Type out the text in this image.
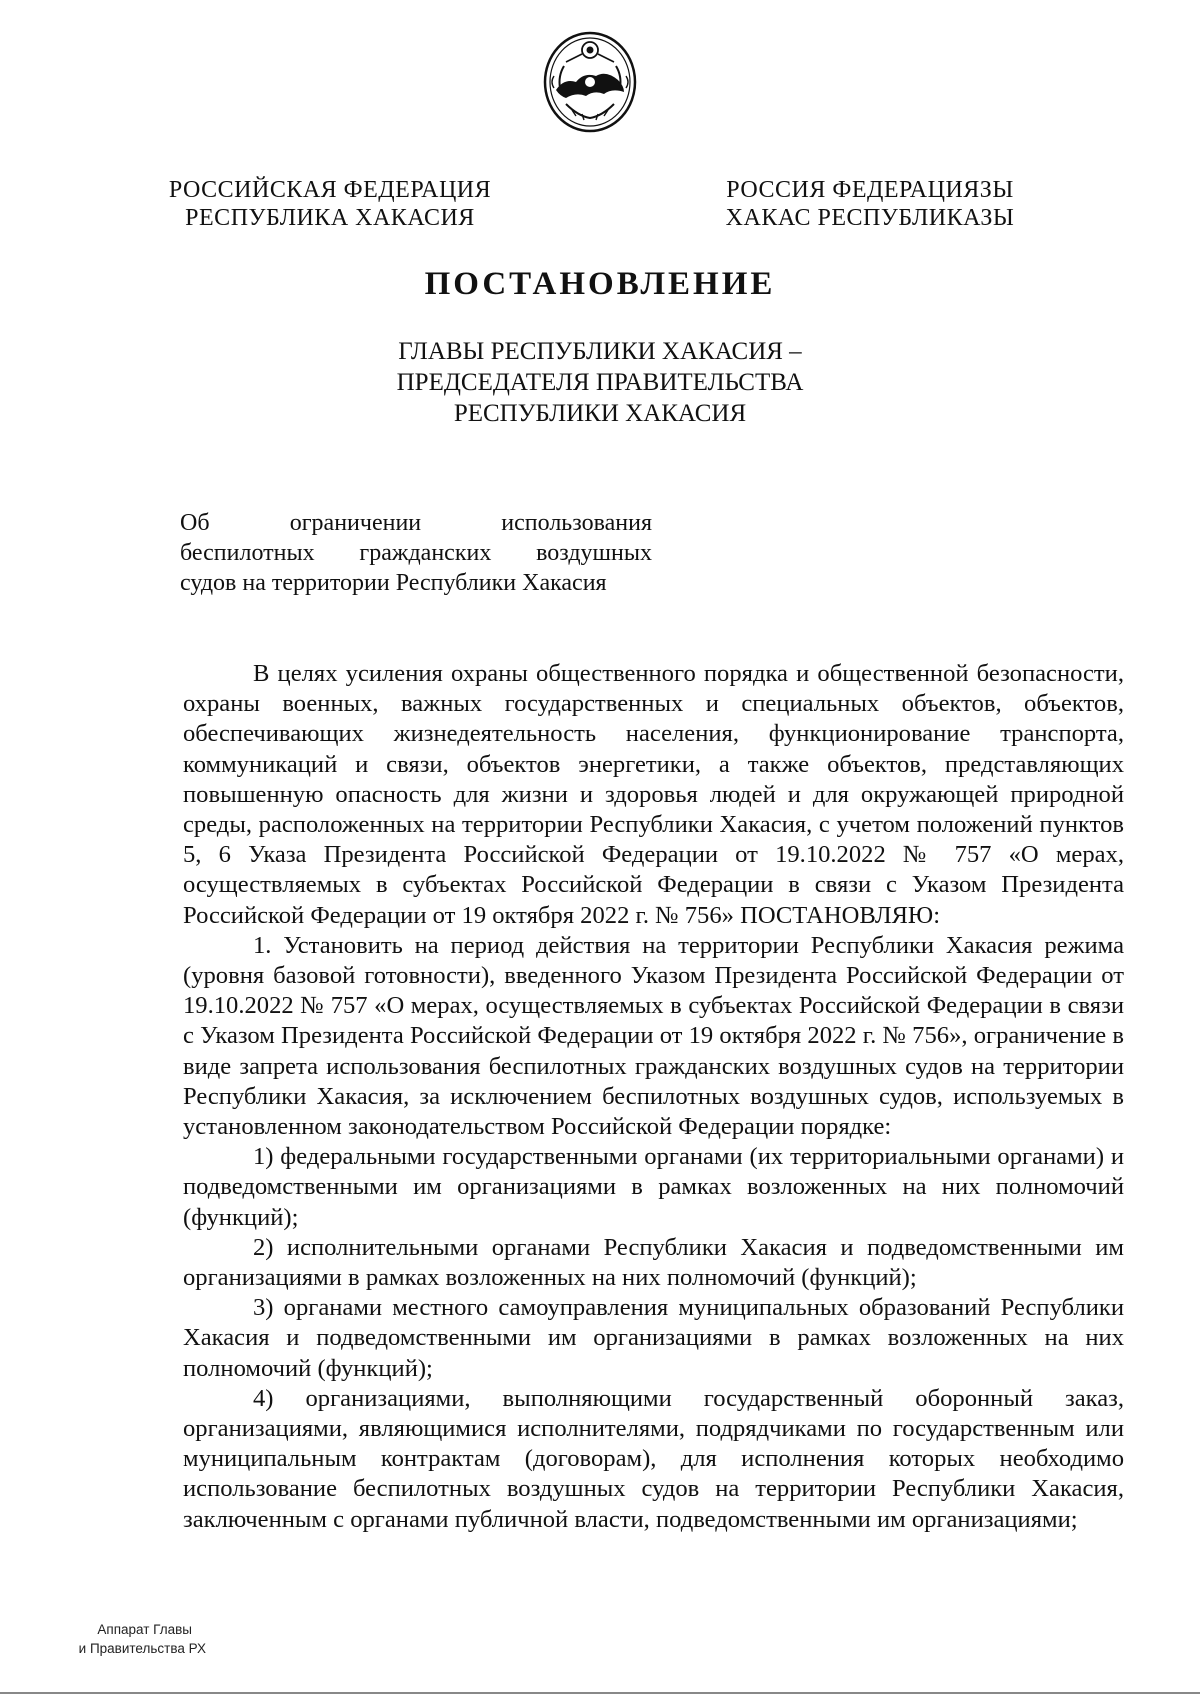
РОССИЙСКАЯ ФЕДЕРАЦИЯ
РЕСПУБЛИКА ХАКАСИЯ
РОССИЯ ФЕДЕРАЦИЯЗЫ
ХАКАС РЕСПУБЛИКАЗЫ
ПОСТАНОВЛЕНИЕ
ГЛАВЫ РЕСПУБЛИКИ ХАКАСИЯ –
ПРЕДСЕДАТЕЛЯ ПРАВИТЕЛЬСТВА
РЕСПУБЛИКИ ХАКАСИЯ
Об ограничении использования
беспилотных гражданских воздушных
судов на территории Республики Хакасия

В целях усиления охраны общественного порядка и общественной безопасности, охраны военных, важных государственных и специальных объектов, объектов, обеспечивающих жизнедеятельность населения, функционирование транспорта, коммуникаций и связи, объектов энергетики, а также объектов, представляющих повышенную опасность для жизни и здоровья людей и для окружающей природной среды, расположенных на территории Республики Хакасия, с учетом положений пунктов 5, 6 Указа Президента Российской Федерации от 19.10.2022 № 757 «О мерах, осуществляемых в субъектах Российской Федерации в связи с Указом Президента Российской Федерации от 19 октября 2022 г. № 756» ПОСТАНОВЛЯЮ:

1. Установить на период действия на территории Республики Хакасия режима (уровня базовой готовности), введенного Указом Президента Российской Федерации от 19.10.2022 № 757 «О мерах, осуществляемых в субъектах Российской Федерации в связи с Указом Президента Российской Федерации от 19 октября 2022 г. № 756», ограничение в виде запрета использования беспилотных гражданских воздушных судов на территории Республики Хакасия, за исключением беспилотных воздушных судов, используемых в установленном законодательством Российской Федерации порядке:

1) федеральными государственными органами (их территориальными органами) и подведомственными им организациями в рамках возложенных на них полномочий (функций);

2) исполнительными органами Республики Хакасия и подведомственными им организациями в рамках возложенных на них полномочий (функций);

3) органами местного самоуправления муниципальных образований Республики Хакасия и подведомственными им организациями в рамках возложенных на них полномочий (функций);

4) организациями, выполняющими государственный оборонный заказ, организациями, являющимися исполнителями, подрядчиками по государственным или муниципальным контрактам (договорам), для исполнения которых необходимо использование беспилотных воздушных судов на территории Республики Хакасия, заключенным с органами публичной власти, подведомственными им организациями;

Аппарат Главы
и Правительства РХ
